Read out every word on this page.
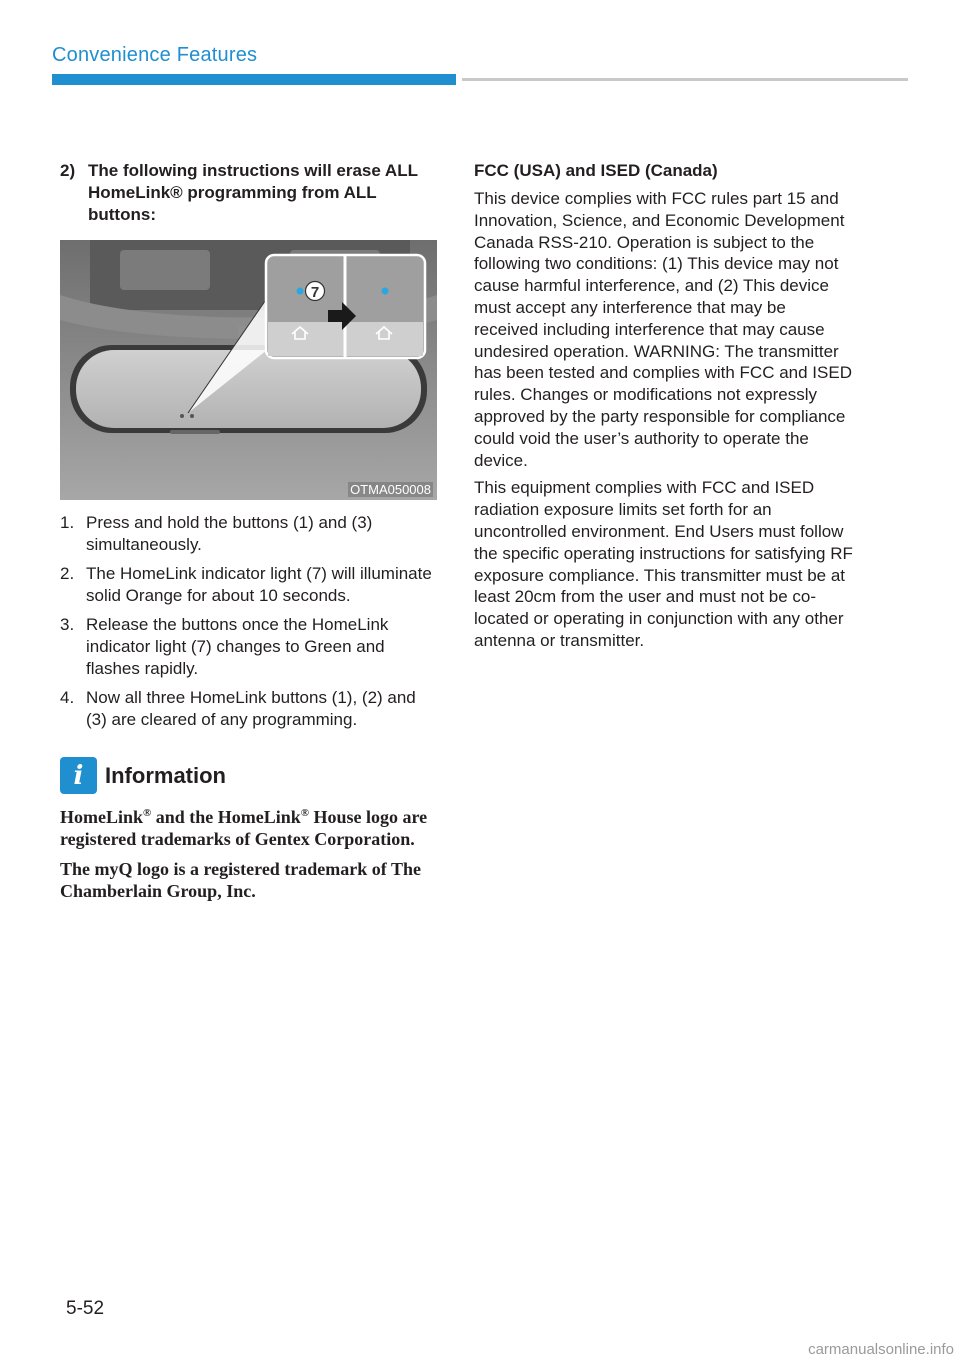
Convenience Features
2) The following instructions will erase ALL HomeLink® programming from ALL buttons:
7
OTMA050008
1. Press and hold the buttons (1) and (3) simultaneously.
2. The HomeLink indicator light (7) will illuminate solid Orange for about 10 seconds.
3. Release the buttons once the HomeLink indicator light (7) changes to Green and flashes rapidly.
4. Now all three HomeLink buttons (1), (2) and (3) are cleared of any programming.
i Information

HomeLink® and the HomeLink® House logo are registered trademarks of Gentex Corporation.

The myQ logo is a registered trademark of The Chamberlain Group, Inc.

FCC (USA) and ISED (Canada)

This device complies with FCC rules part 15 and Innovation, Science, and Economic Development Canada RSS-210. Operation is subject to the following two conditions: (1) This device may not cause harmful interference, and (2) This device must accept any interference that may be received including interference that may cause undesired operation. WARNING: The transmitter has been tested and complies with FCC and ISED rules. Changes or modifications not expressly approved by the party responsible for compliance could void the user’s authority to operate the device.

This equipment complies with FCC and ISED radiation exposure limits set forth for an uncontrolled environment. End Users must follow the specific operating instructions for satisfying RF exposure compliance. This transmitter must be at least 20cm from the user and must not be co-located or operating in conjunction with any other antenna or transmitter.

5-52
carmanualsonline.info
